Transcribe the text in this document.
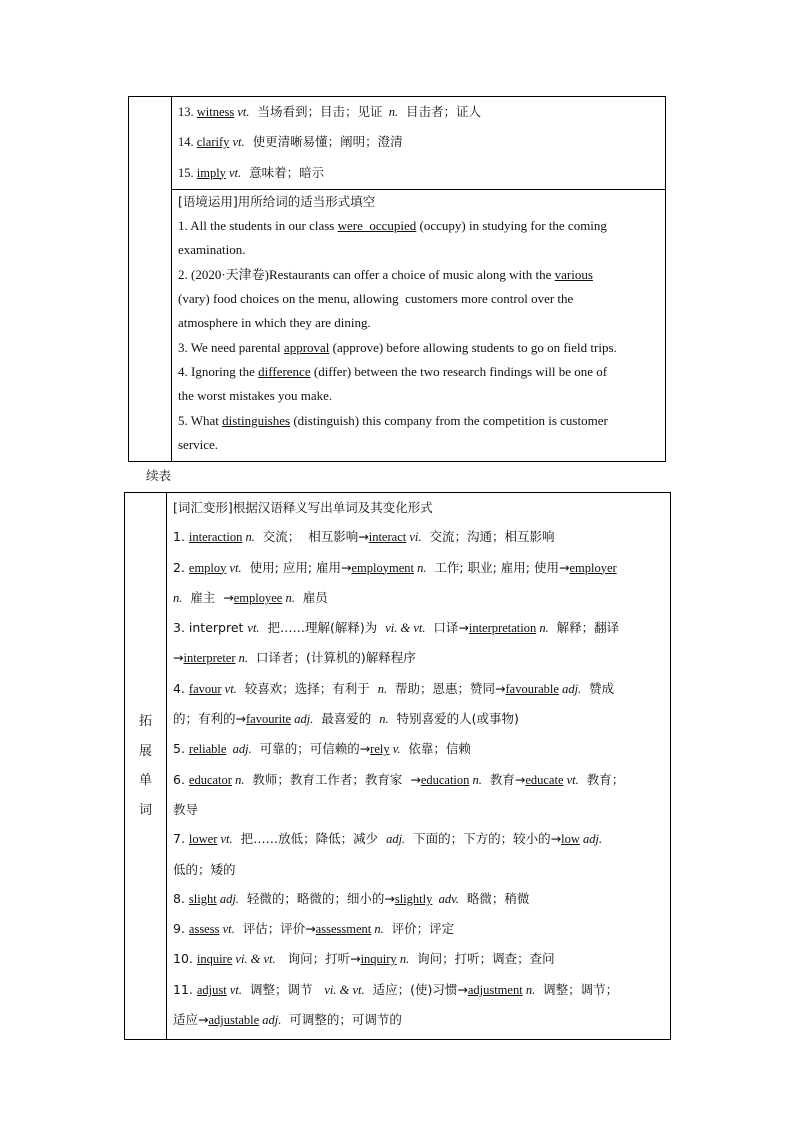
13. witness vt.  当场看到；目击；见证  n.  目击者；证人
14. clarify vt.  使更清晰易懂；阐明；澄清
15. imply vt.  意味着；暗示

[语境运用]用所给词的适当形式填空
1. All the students in our class were  occupied (occupy) in studying for the coming
examination.
2. (2020·天津卷)Restaurants can offer a choice of music along with the various
(vary) food choices on the menu, allowing  customers more control over the
atmosphere in which they are dining.
3. We need parental approval (approve) before allowing students to go on field trips.
4. Ignoring the difference (differ) between the two research findings will be one of
the worst mistakes you make.
5. What distinguishes (distinguish) this company from the competition is customer
service.
续表
拓
展
单
词

[词汇变形]根据汉语释义写出单词及其变化形式
1. interaction n.  交流；  相互影响→interact vi.  交流；沟通；相互影响
2. employ vt.  使用; 应用; 雇用→employment n.  工作; 职业; 雇用; 使用→employer
n.  雇主  →employee n.  雇员
3. interpret vt.  把……理解(解释)为  vi. & vt.  口译→interpretation n.  解释；翻译
→interpreter n.  口译者；(计算机的)解释程序
4. favour vt.  较喜欢；选择；有利于  n.  帮助；恩惠；赞同→favourable adj.  赞成
的；有利的→favourite adj.  最喜爱的  n.  特别喜爱的人(或事物)
5. reliable  adj.  可靠的；可信赖的→rely v.  依靠；信赖
6. educator n.  教师；教育工作者；教育家  →education n.  教育→educate vt.  教育；
教导
7. lower vt.  把……放低；降低；减少  adj.  下面的；下方的；较小的→low adj.
低的；矮的
8. slight adj.  轻微的；略微的；细小的→slightly  adv.  略微；稍微
9. assess vt.  评估；评价→assessment n.  评价；评定
10. inquire vi. & vt.   询问；打听→inquiry n.  询问；打听；调查；查问
11. adjust vt.  调整；调节   vi. & vt.  适应；(使)习惯→adjustment n.  调整；调节；
适应→adjustable adj.  可调整的；可调节的
